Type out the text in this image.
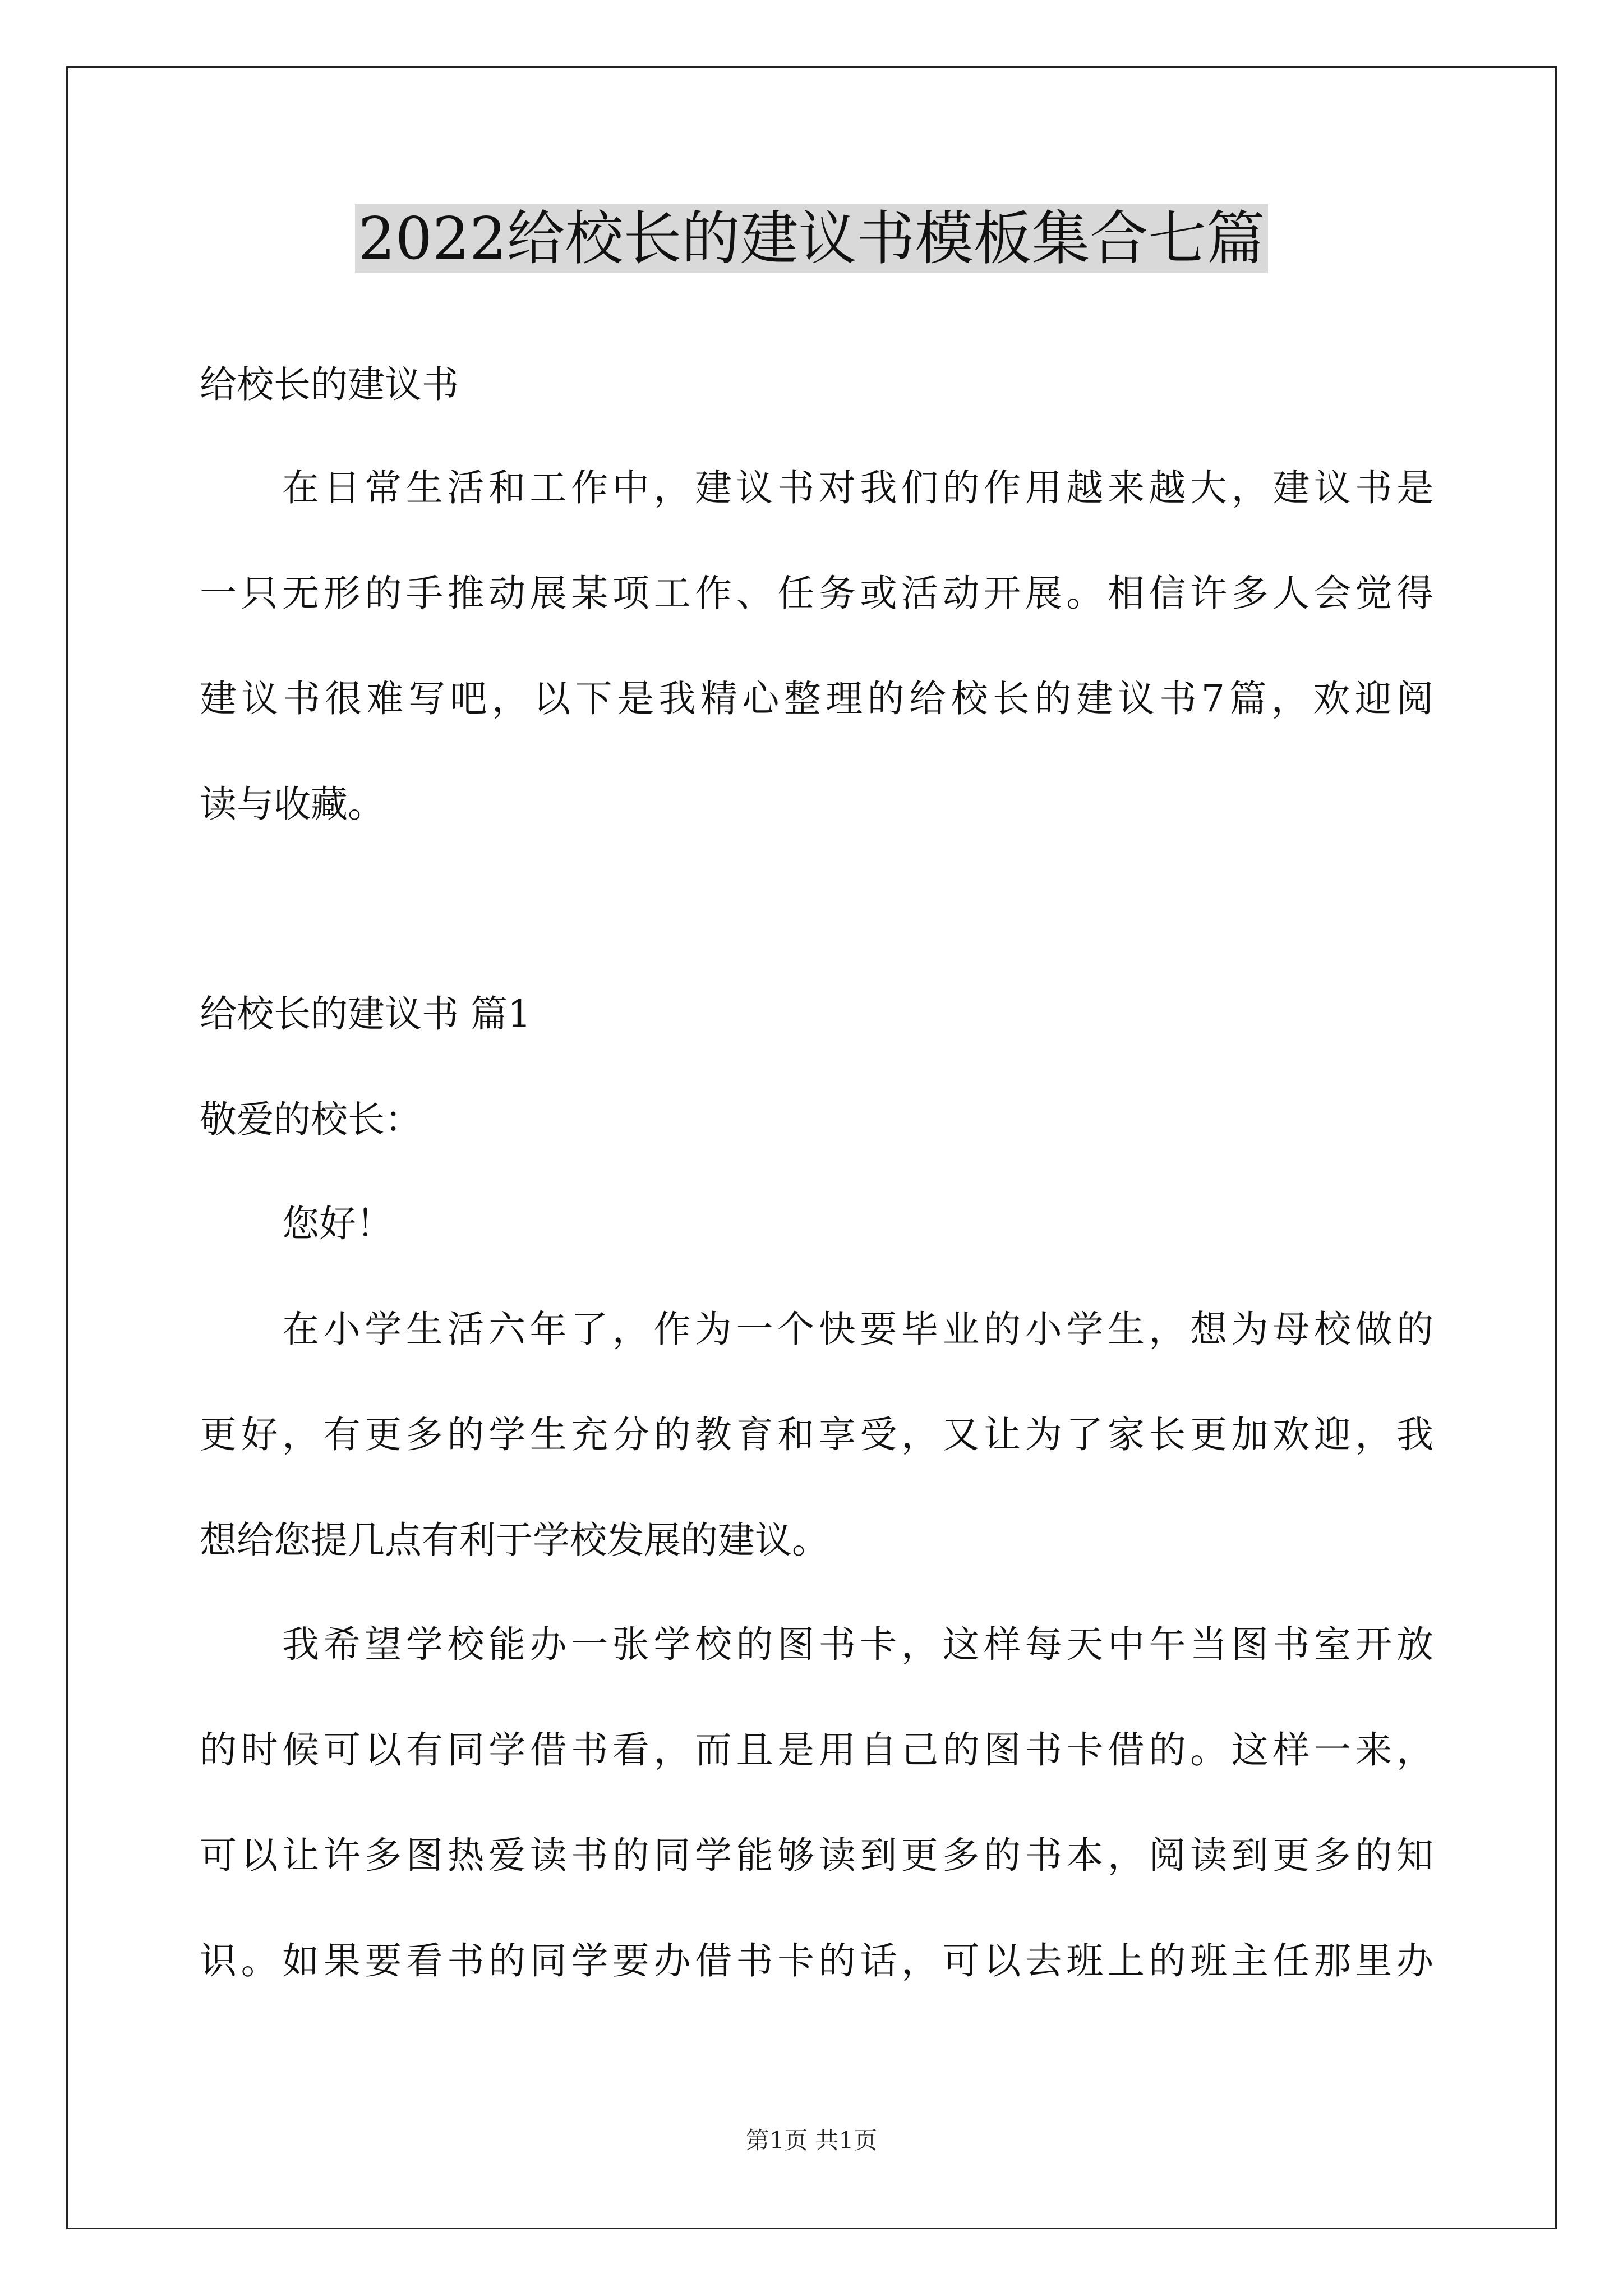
2022给校长的建议书模板集合七篇
给校长的建议书
在日常生活和工作中，建议书对我们的作用越来越大，建议书是
一只无形的手推动展某项工作、任务或活动开展。相信许多人会觉得
建议书很难写吧，以下是我精心整理的给校长的建议书7篇，欢迎阅
读与收藏。
给校长的建议书 篇1
敬爱的校长：
您好！
在小学生活六年了，作为一个快要毕业的小学生，想为母校做的
更好，有更多的学生充分的教育和享受，又让为了家长更加欢迎，我
想给您提几点有利于学校发展的建议。
我希望学校能办一张学校的图书卡，这样每天中午当图书室开放
的时候可以有同学借书看，而且是用自己的图书卡借的。这样一来，
可以让许多图热爱读书的同学能够读到更多的书本，阅读到更多的知
识。如果要看书的同学要办借书卡的话，可以去班上的班主任那里办
第1页 共1页
